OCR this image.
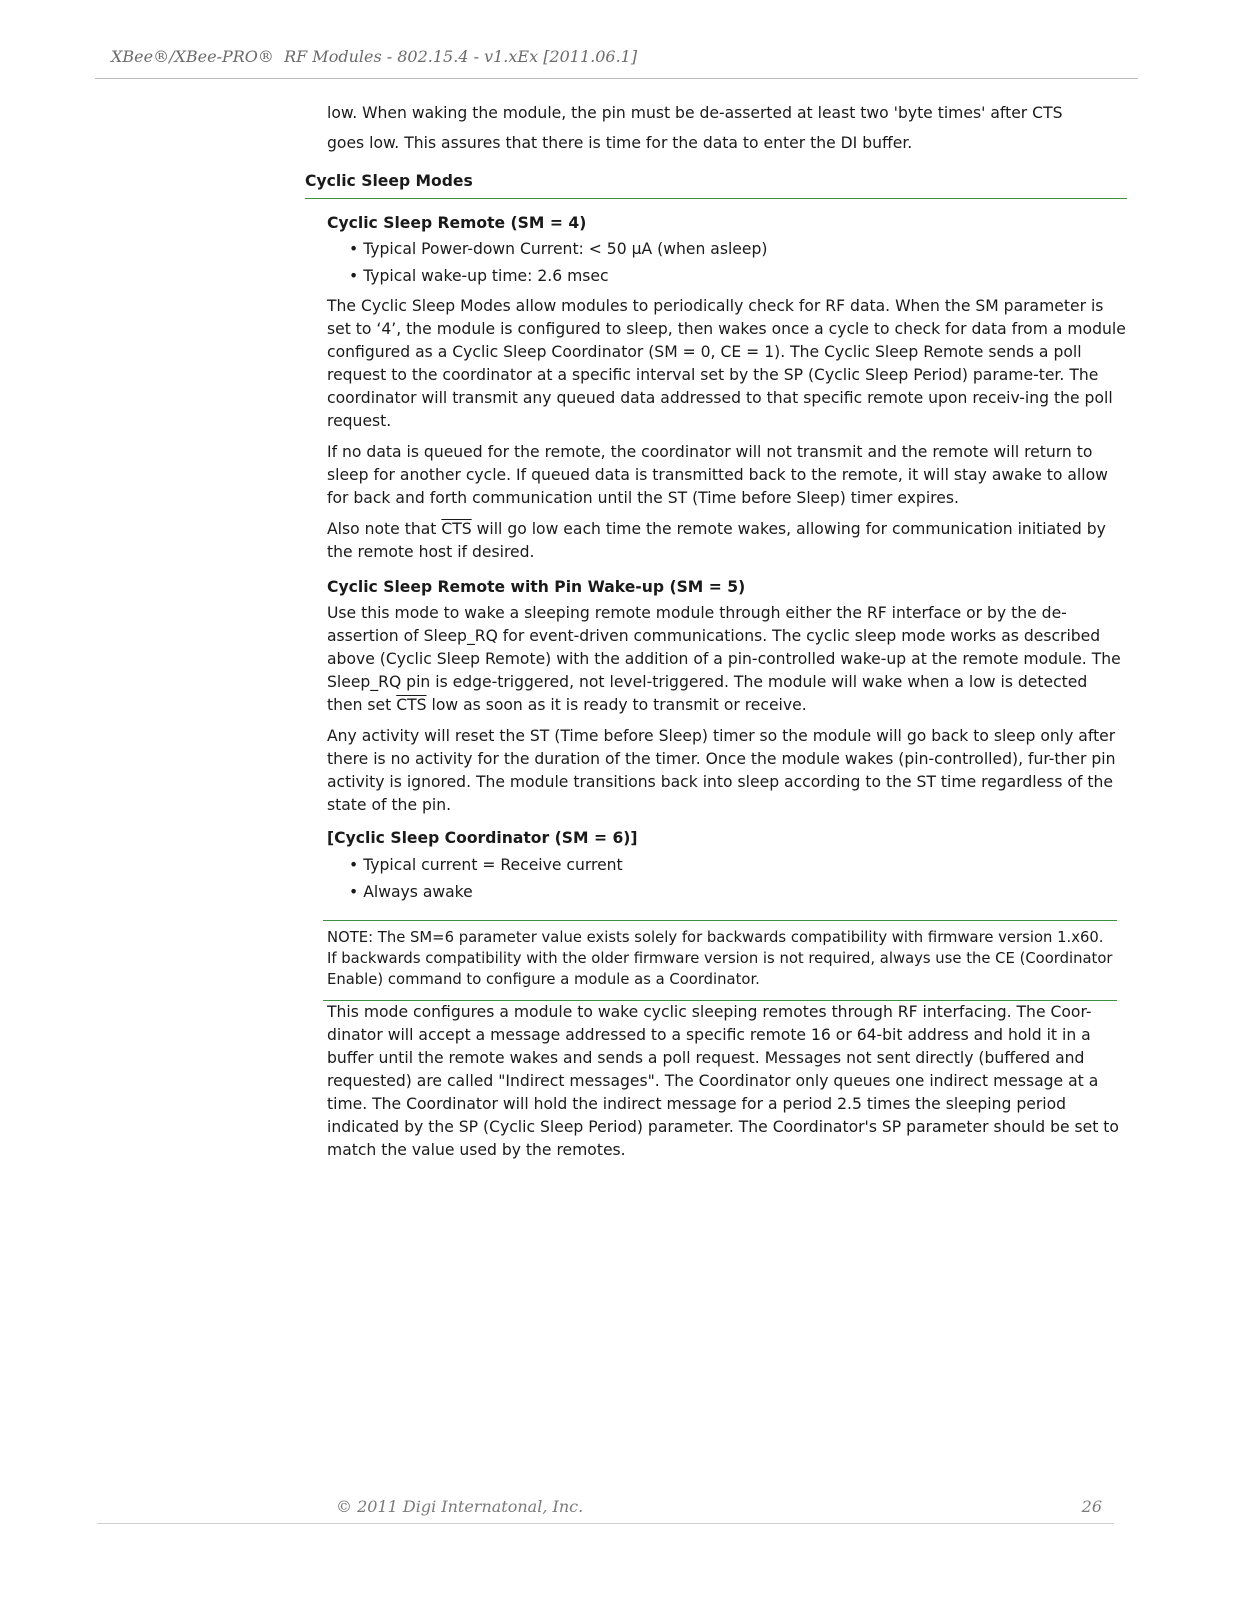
XBee®/XBee-PRO®  RF Modules - 802.15.4 - v1.xEx [2011.06.1]
low. When waking the module, the pin must be de-asserted at least two 'byte times' after CTS
goes low. This assures that there is time for the data to enter the DI buffer.
Cyclic Sleep Modes
Cyclic Sleep Remote (SM = 4)
• Typical Power-down Current: < 50 µA (when asleep)
• Typical wake-up time: 2.6 msec

The Cyclic Sleep Modes allow modules to periodically check for RF data. When the SM parameter is set to ‘4’, the module is configured to sleep, then wakes once a cycle to check for data from a module configured as a Cyclic Sleep Coordinator (SM = 0, CE = 1). The Cyclic Sleep Remote sends a poll request to the coordinator at a specific interval set by the SP (Cyclic Sleep Period) parame-ter. The coordinator will transmit any queued data addressed to that specific remote upon receiv-ing the poll request.

If no data is queued for the remote, the coordinator will not transmit and the remote will return to sleep for another cycle. If queued data is transmitted back to the remote, it will stay awake to allow for back and forth communication until the ST (Time before Sleep) timer expires.

Also note that $\overline{CTS}$ will go low each time the remote wakes, allowing for communication initiated by the remote host if desired.

Cyclic Sleep Remote with Pin Wake-up (SM = 5)

Use this mode to wake a sleeping remote module through either the RF interface or by the de-assertion of Sleep_RQ for event-driven communications. The cyclic sleep mode works as described above (Cyclic Sleep Remote) with the addition of a pin-controlled wake-up at the remote module. The Sleep_RQ pin is edge-triggered, not level-triggered. The module will wake when a low is detected then set $\overline{CTS}$ low as soon as it is ready to transmit or receive.

Any activity will reset the ST (Time before Sleep) timer so the module will go back to sleep only after there is no activity for the duration of the timer. Once the module wakes (pin-controlled), fur-ther pin activity is ignored. The module transitions back into sleep according to the ST time regardless of the state of the pin.

[Cyclic Sleep Coordinator (SM = 6)]
• Typical current = Receive current
• Always awake
NOTE: The SM=6 parameter value exists solely for backwards compatibility with firmware version 1.x60. If backwards compatibility with the older firmware version is not required, always use the CE (Coordinator Enable) command to configure a module as a Coordinator.

This mode configures a module to wake cyclic sleeping remotes through RF interfacing. The Coor-dinator will accept a message addressed to a specific remote 16 or 64-bit address and hold it in a buffer until the remote wakes and sends a poll request. Messages not sent directly (buffered and requested) are called "Indirect messages". The Coordinator only queues one indirect message at a time. The Coordinator will hold the indirect message for a period 2.5 times the sleeping period indicated by the SP (Cyclic Sleep Period) parameter. The Coordinator's SP parameter should be set to match the value used by the remotes.

© 2011 Digi Internatonal, Inc.	26
